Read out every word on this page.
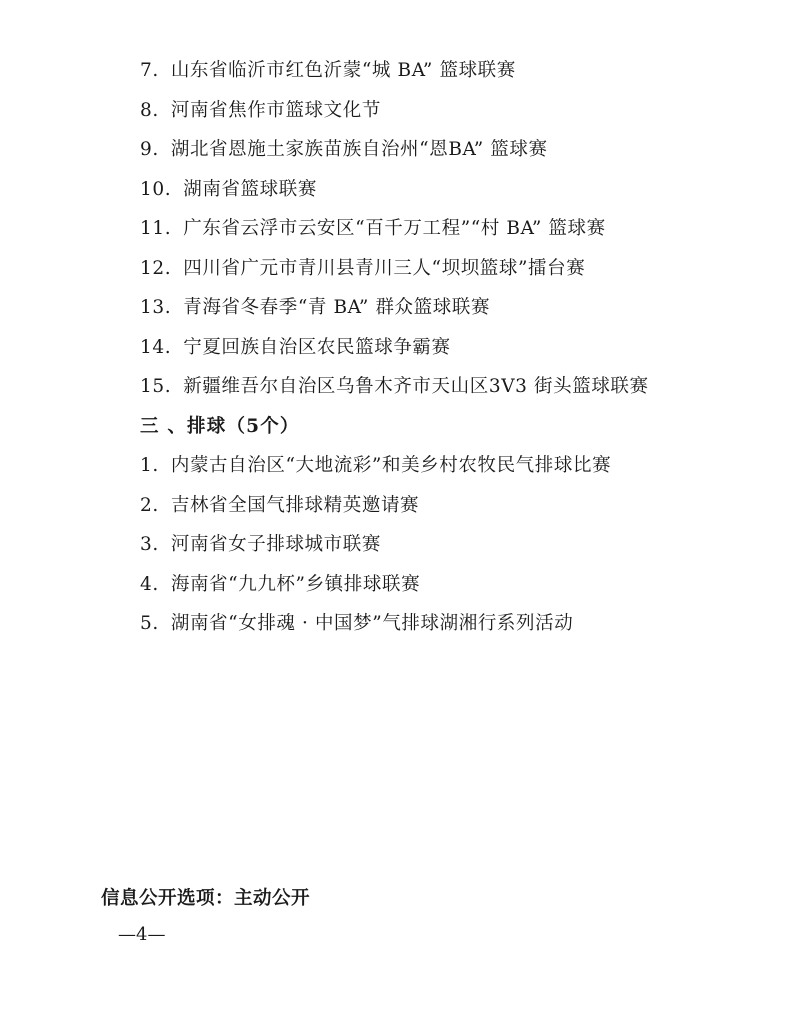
7. 山东省临沂市红色沂蒙“城 BA” 篮球联赛
8. 河南省焦作市篮球文化节
9. 湖北省恩施土家族苗族自治州“恩BA” 篮球赛
10. 湖南省篮球联赛
11. 广东省云浮市云安区“百千万工程”“村 BA” 篮球赛
12. 四川省广元市青川县青川三人“坝坝篮球”擂台赛
13. 青海省冬春季“青 BA” 群众篮球联赛
14. 宁夏回族自治区农民篮球争霸赛
15. 新疆维吾尔自治区乌鲁木齐市天山区3V3 街头篮球联赛
三 、排球（5个）
1. 内蒙古自治区“大地流彩”和美乡村农牧民气排球比赛
2. 吉林省全国气排球精英邀请赛
3. 河南省女子排球城市联赛
4. 海南省“九九杯”乡镇排球联赛
5. 湖南省“女排魂 · 中国梦”气排球湖湘行系列活动
信息公开选项：主动公开
—4—
